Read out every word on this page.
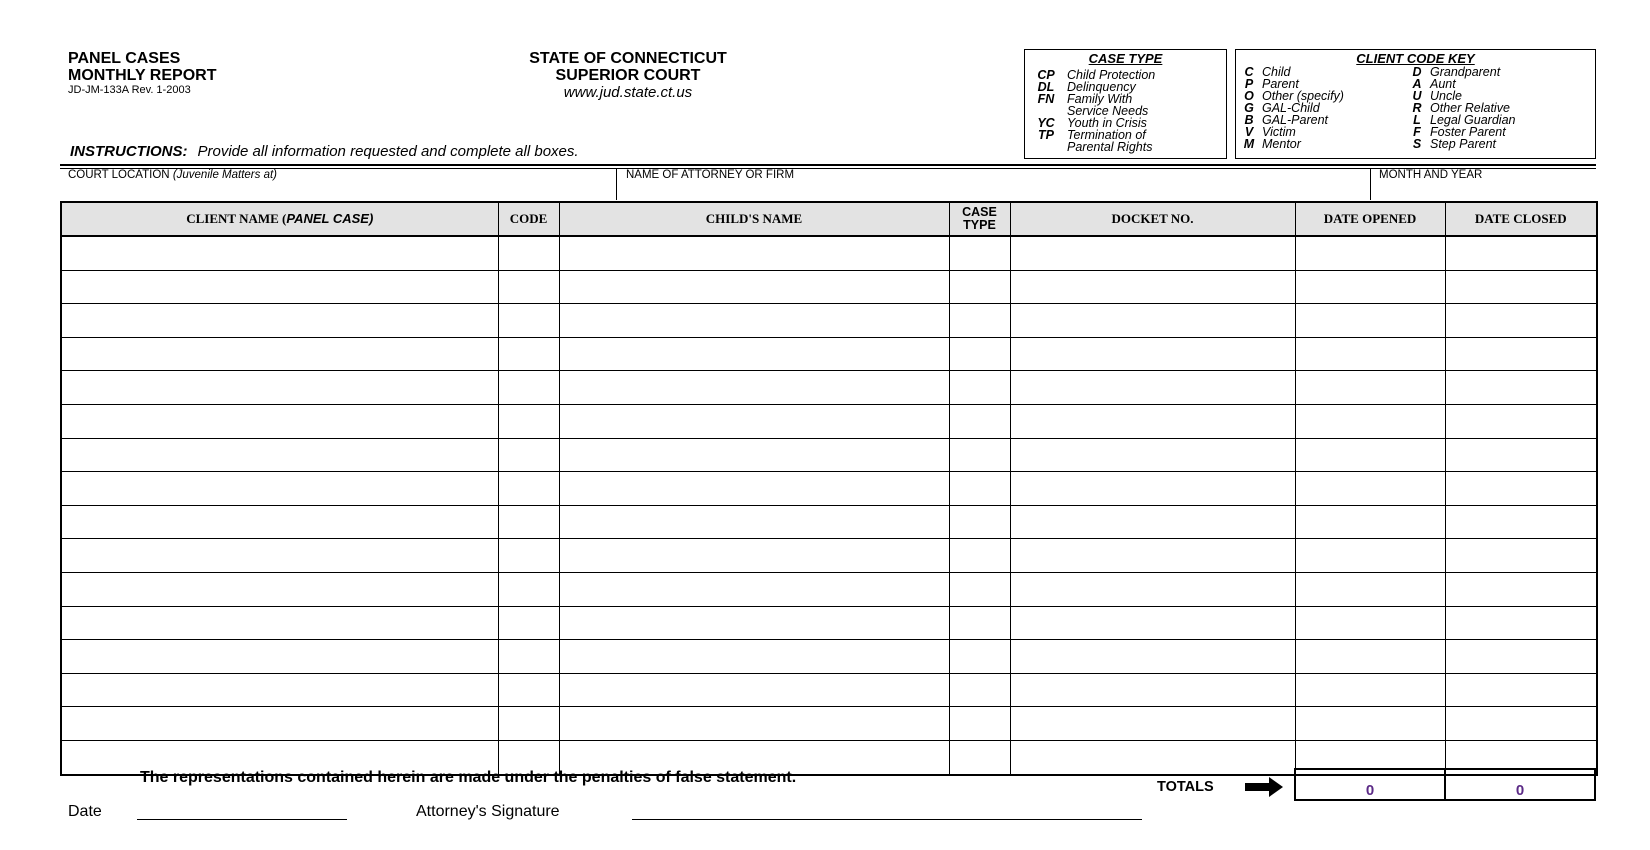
PANEL CASES
MONTHLY REPORT
JD-JM-133A Rev. 1-2003
STATE OF CONNECTICUT
SUPERIOR COURT
www.jud.state.ct.us
INSTRUCTIONS: Provide all information requested and complete all boxes.
CASE TYPE
CP Child Protection
DL	Delinquency
FN	Family With
Service Needs
YC Youth in Crisis
TP	Termination of
Parental Rights
CLIENT CODE KEY
C Child
P Parent
O Other (specify)
G GAL-Child
B GAL-Parent
V Victim
M Mentor
D Grandparent
A Aunt
U Uncle
R Other Relative
L Legal Guardian
F Foster Parent
S Step Parent
COURT LOCATION (Juvenile Matters at)	NAME OF ATTORNEY OR FIRM	MONTH AND YEAR
CLIENT NAME (PANEL CASE)	CODE	CHILD'S NAME	CASE
TYPE	DOCKET NO.	DATE OPENED	DATE CLOSED

The representations contained herein are made under the penalties of false statement.
TOTALS	0	0
Date	Attorney's Signature
